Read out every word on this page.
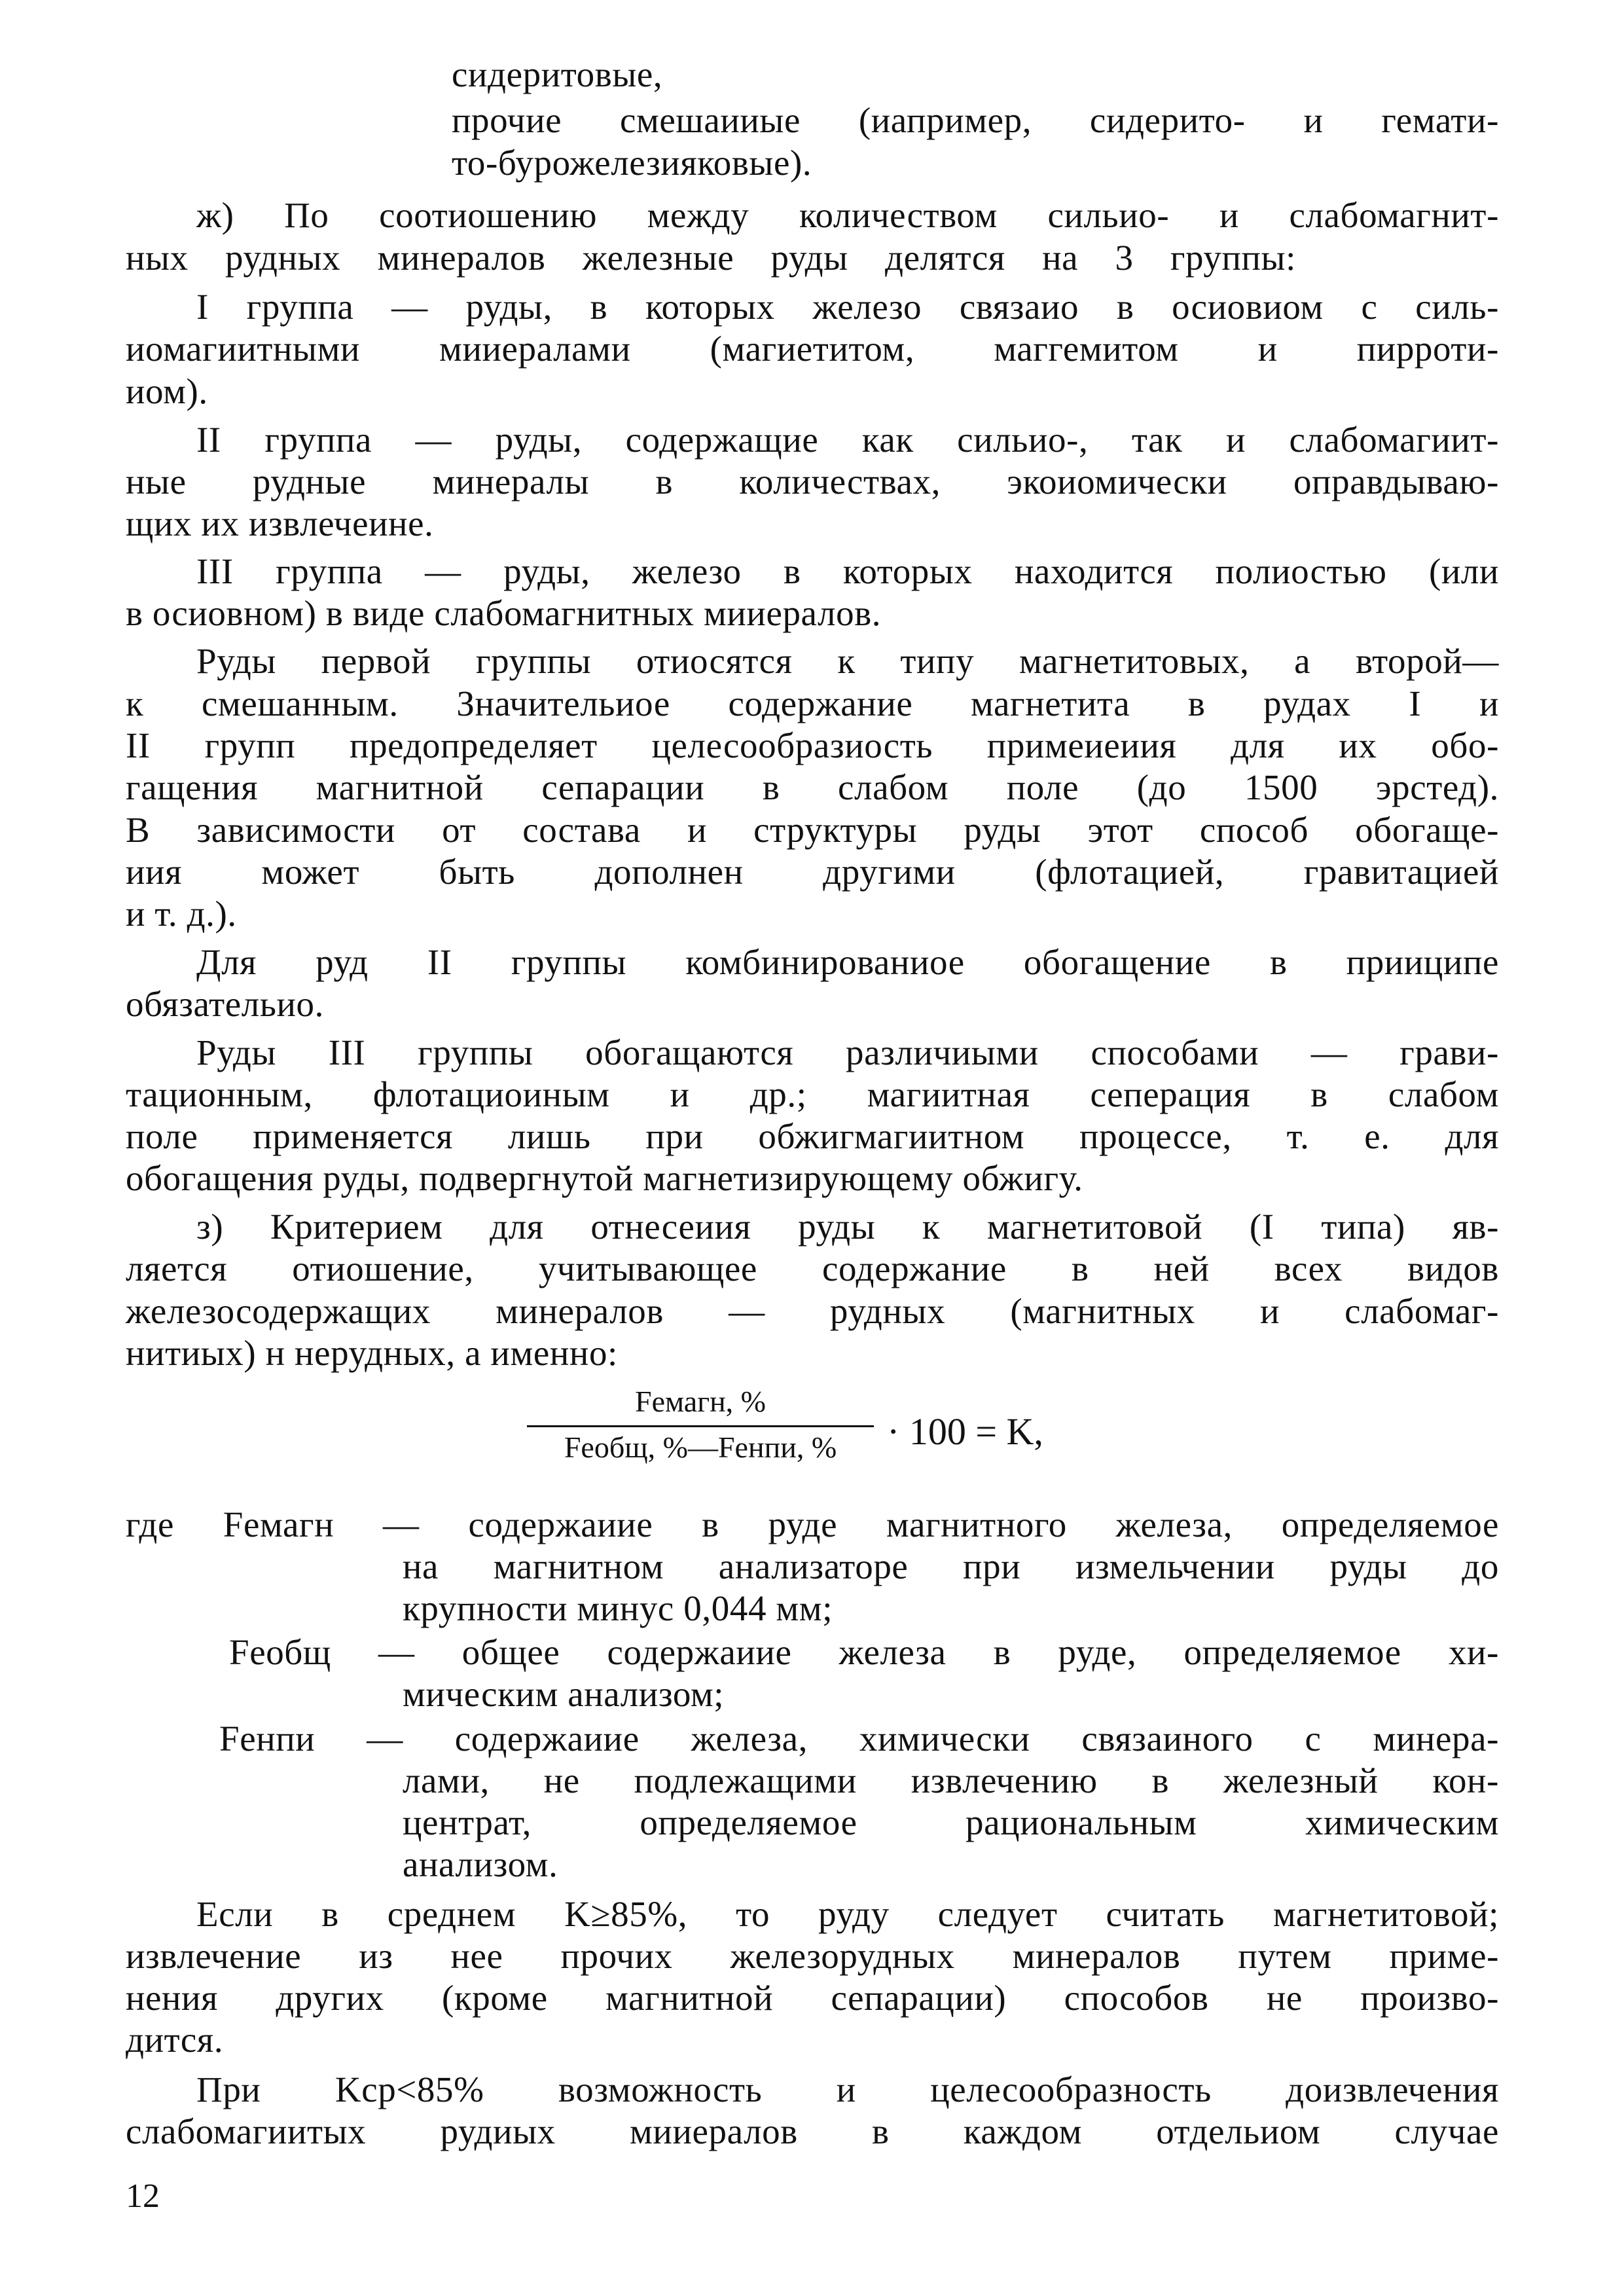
сидеритовые,
прочие смешаииые (иапример, сидерито- и гемати-
то-бурожелезияковые).
ж) По соотиошению между количеством сильио- и слабомагнит-
ных рудных минералов железные руды делятся на 3 группы:
I группа — руды, в которых железо связаио в осиовиом с силь-
иомагиитными мииералами (магиетитом, маггемитом и пирроти-
иом).
II группа — руды, содержащие как сильио-, так и слабомагиит-
ные рудные минералы в количествах, экоиомически оправдываю-
щих их извлечеине.
III группа — руды, железо в которых находится полиостью (или
в осиовном) в виде слабомагнитных мииералов.
Руды первой группы отиосятся к типу магнетитовых, а второй—
к смешанным. Значительиое содержание магнетита в рудах I и
II групп предопределяет целесообразиость примеиеиия для их обо-
гащения магнитной сепарации в слабом поле (до 1500 эрстед).
В зависимости от состава и структуры руды этот способ обогаще-
иия может быть дополнен другими (флотацией, гравитацией
и т. д.).
Для руд II группы комбинированиое обогащение в прииципе
обязательио.
Руды III группы обогащаются различиыми способами — грави-
тационным, флотациоиным и др.; магиитная сеперация в слабом
поле применяется лишь при обжигмагиитном процессе, т. е. для
обогащения руды, подвергнутой магнетизирующему обжигу.
з) Критерием для отнесеиия руды к магнетитовой (I типа) яв-
ляется отиошение, учитывающее содержание в ней всех видов
железосодержащих минералов — рудных (магнитных и слабомаг-
нитиых) н нерудных, а именно:
где Feмагн — содержаиие в руде магнитного железа, определяемое
на магнитном анализаторе при измельчении руды до
крупности минус 0,044 мм;
Feобщ — общее содержаиие железа в руде, определяемое хи-
мическим анализом;
Feнпи — содержаиие железа, химически связаиного с минера-
лами, не подлежащими извлечению в железный кон-
центрат, определяемое рациональным химическим
анализом.
Если в среднем K≥85%, то руду следует считать магнетитовой;
извлечение из нее прочих железорудных минералов путем приме-
нения других (кроме магнитной сепарации) способов не произво-
дится.
При Kср<85% возможность и целесообразность доизвлечения
слабомагиитых рудиых мииералов в каждом отдельиом случае
Feмагн, %
Feобщ, %—Feнпи, %	· 100 = K,
12
